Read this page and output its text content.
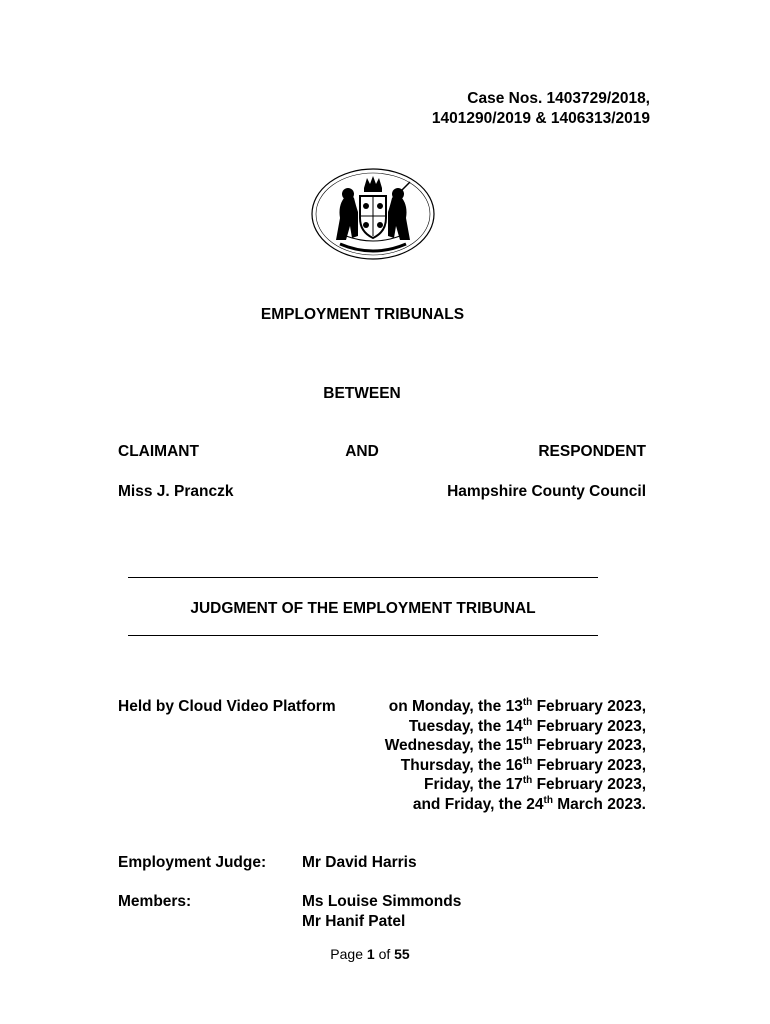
Case Nos. 1403729/2018,
1401290/2019 & 1406313/2019
EMPLOYMENT TRIBUNALS
BETWEEN
CLAIMANT	AND	RESPONDENT
Miss J. Pranczk	Hampshire County Council
JUDGMENT OF THE EMPLOYMENT TRIBUNAL
Held by Cloud Video Platform	on Monday, the 13th February 2023,
Tuesday, the 14th February 2023,
Wednesday, the 15th February 2023,
Thursday, the 16th February 2023,
Friday, the 17th February 2023,
and Friday, the 24th March 2023.
Employment Judge: Mr David Harris
Members:	Ms Louise Simmonds
Mr Hanif Patel
Page 1 of 55
